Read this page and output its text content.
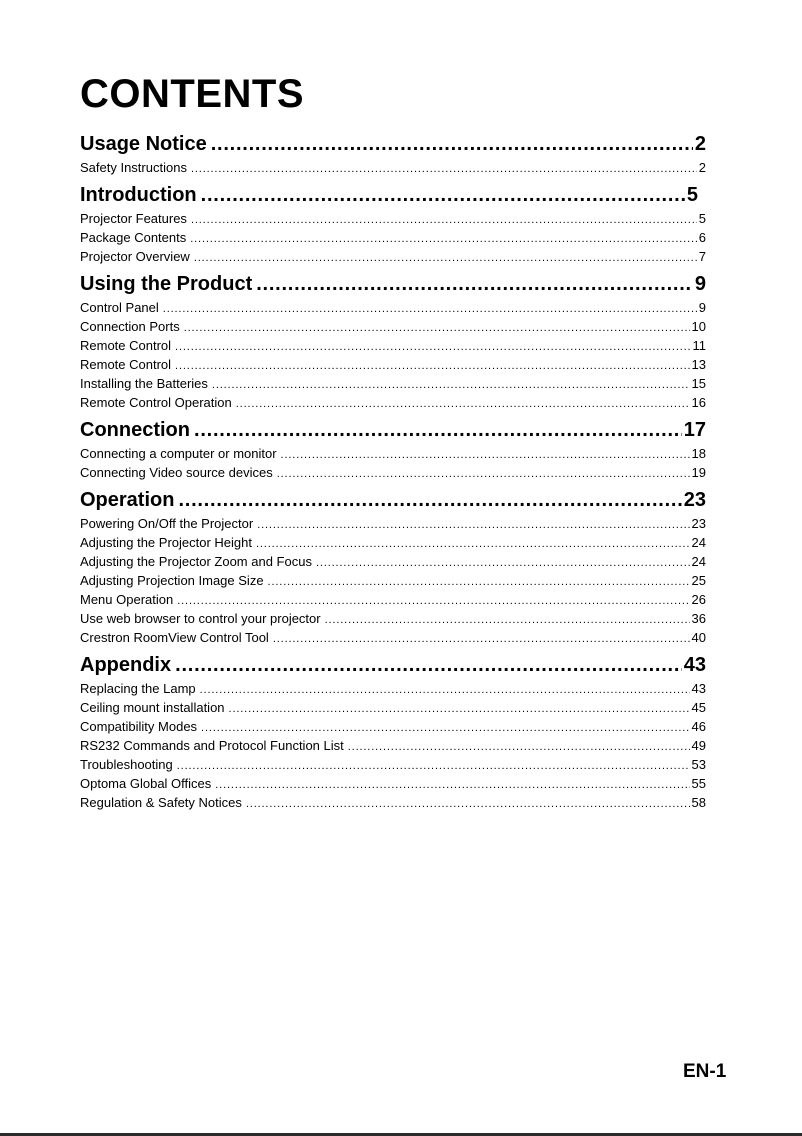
CONTENTS
Usage Notice . . .	2
Safety Instructions . . .	2
Introduction . . .	5
Projector Features . . .	5
Package Contents . . .	6
Projector Overview . . .	7
Using the Product . . .	9
Control Panel . . .	9
Connection Ports . . .	10
Remote Control . . .	11
Remote Control . . .	13
Installing the Batteries . . .	15
Remote Control Operation . . .	16
Connection . . .	17
Connecting a computer or monitor . . .	18
Connecting Video source devices . . .	19
Operation . . .	23
Powering On/Off the Projector . . .	23
Adjusting the Projector Height . . .	24
Adjusting the Projector Zoom and Focus . . .	24
Adjusting Projection Image Size . . .	25
Menu Operation . . .	26
Use web browser to control your projector . . .	36
Crestron RoomView Control Tool . . .	40
Appendix . . .	43
Replacing the Lamp . . .	43
Ceiling mount installation . . .	45
Compatibility Modes . . .	46
RS232 Commands and Protocol Function List . . .	49
Troubleshooting . . .	53
Optoma Global Offices . . .	55
Regulation & Safety Notices . . .	58
EN-1
